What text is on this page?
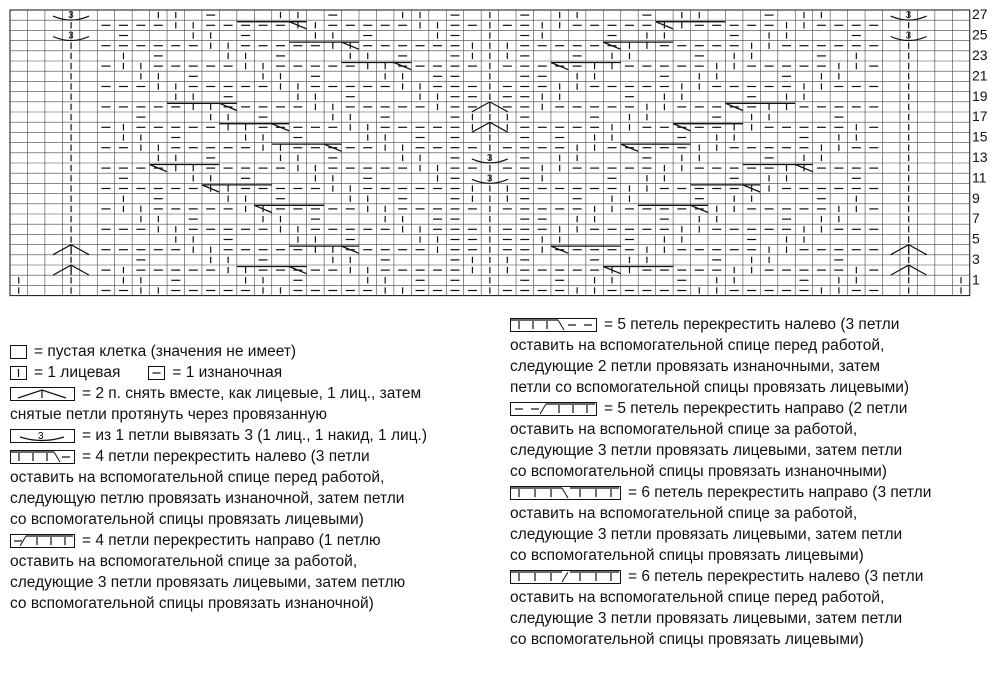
3
3
3
3
3
3
27
25
23
21
19
17
15
13
11
9
7
5
3
1
= пустая клетка (значения не имеет)
= 1 лицевая	= 1 изнаночная
= 2 п. снять вместе, как лицевые, 1 лиц., затем
снятые петли протянуть через провязанную
3 = из 1 петли вывязать 3 (1 лиц., 1 накид, 1 лиц.)
= 4 петли перекрестить налево (3 петли
оставить на вспомогательной спице перед работой,
следующую петлю провязать изнаночной, затем петли
со вспомогательной спицы провязать лицевыми)
= 4 петли перекрестить направо (1 петлю
оставить на вспомогательной спице за работой,
следующие 3 петли провязать лицевыми, затем петлю
со вспомогательной спицы провязать изнаночной)
= 5 петель перекрестить налево (3 петли
оставить на вспомогательной спице перед работой,
следующие 2 петли провязать изнаночными, затем
петли со вспомогательной спицы провязать лицевыми)
= 5 петель перекрестить направо (2 петли
оставить на вспомогательной спице за работой,
следующие 3 петли провязать лицевыми, затем петли
со вспомогательной спицы провязать изнаночными)
= 6 петель перекрестить направо (3 петли
оставить на вспомогательной спице за работой,
следующие 3 петли провязать лицевыми, затем петли
со вспомогательной спицы провязать лицевыми)
= 6 петель перекрестить налево (3 петли
оставить на вспомогательной спице перед работой,
следующие 3 петли провязать лицевыми, затем петли
со вспомогательной спицы провязать лицевыми)
